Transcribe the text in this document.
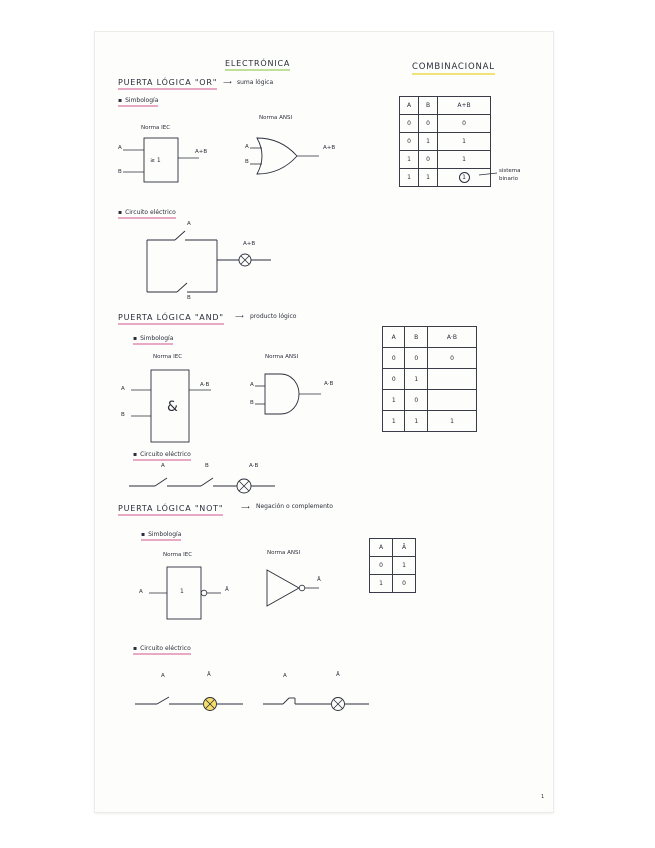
ELECTRÓNICA	COMBINACIONAL
PUERTA LÓGICA "OR" ⟶ suma lógica
▪ Simbología
Norma IEC
Norma ANSI
A
B
≥ 1
A+B
A
B
A+B
A	B	A+B
0	0	0
0	1	1
1	0	1
1	1	1
sistema binario
▪ Circuito eléctrico
A
B
A+B
PUERTA LÓGICA "AND" ⟶ producto lógico
▪ Simbología
Norma IEC	Norma ANSI
A
B	&
A·B	A
B
A·B
A	B	A·B
0	0	0
0	1	
1	0	
1	1	1
▪ Circuito eléctrico
A	B	A·B
PUERTA LÓGICA "NOT"	⟶ Negación o complemento
▪ Simbología
Norma IEC	Norma ANSI
A	1	Ā
Ā
A	Ā
0	1
1	0
▪ Circuito eléctrico
A	Ā	A	Ā
1
